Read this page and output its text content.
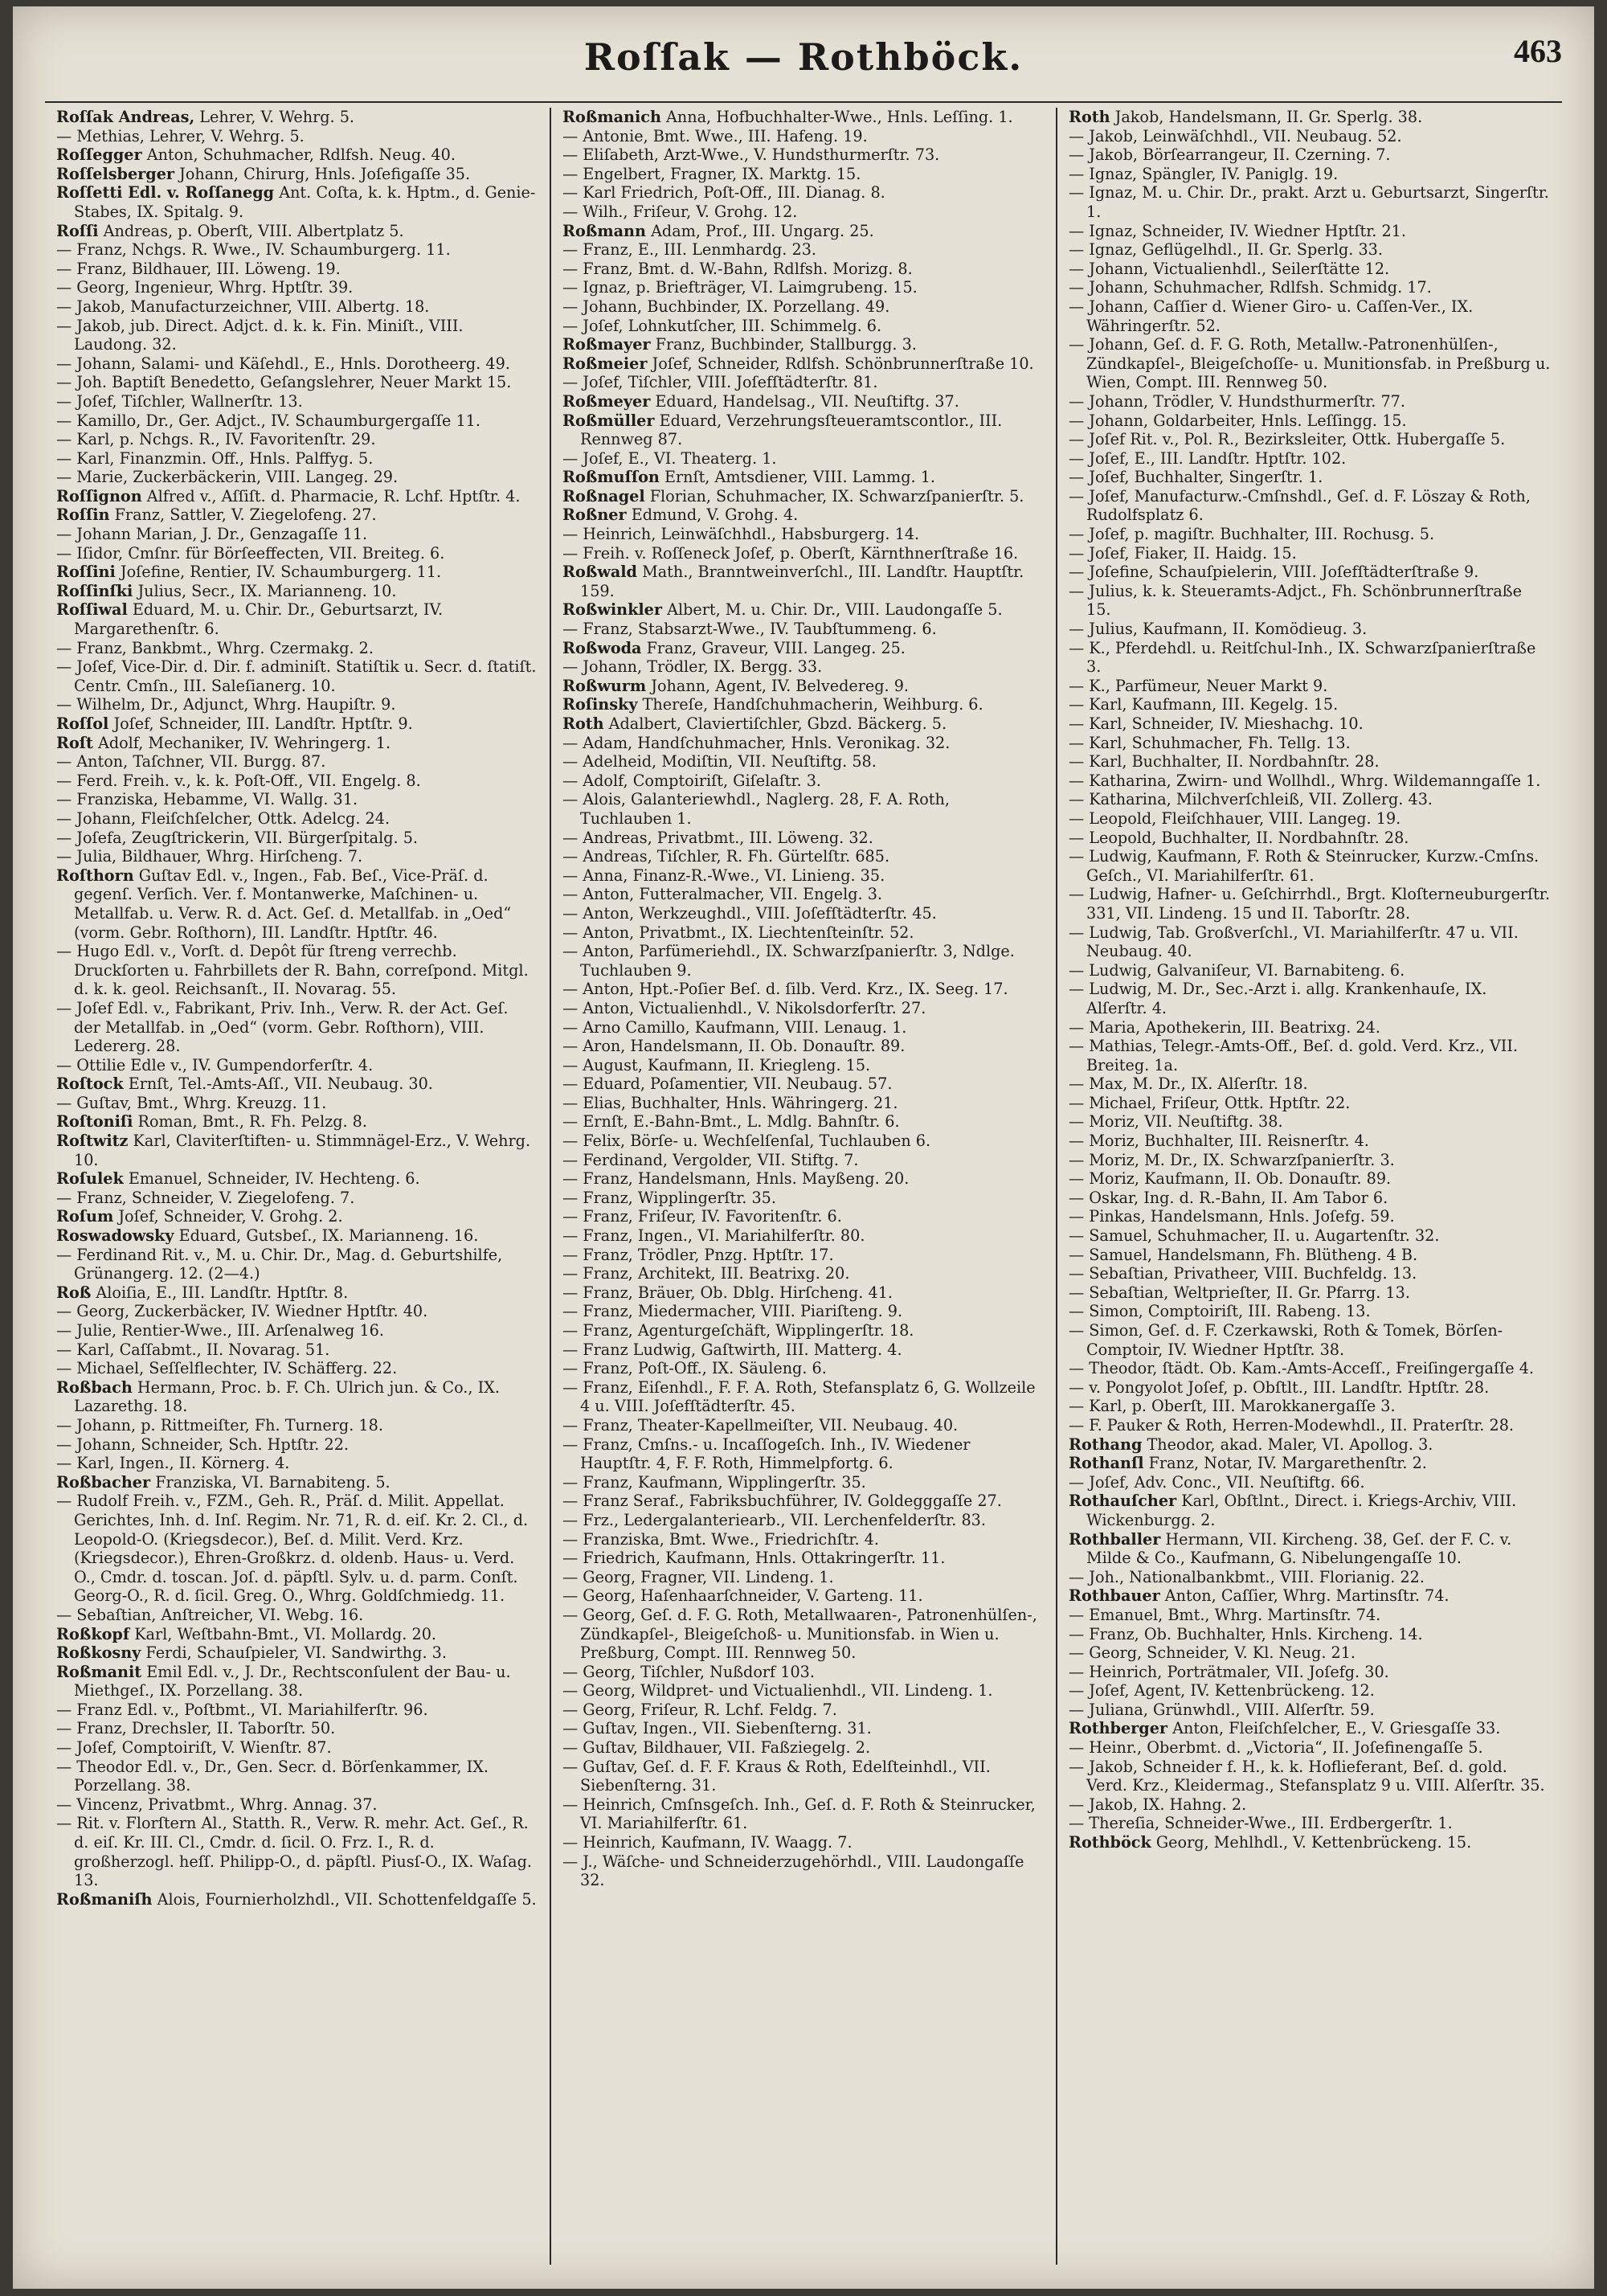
Roſſak — Rothböck.	463

Roſſak Andreas, Lehrer, V. Wehrg. 5.

— Methias, Lehrer, V. Wehrg. 5.

Roſſegger Anton, Schuhmacher, Rdlfsh. Neug. 40.

Roſſelsberger Johann, Chirurg, Hnls. Joſefigaſſe 35.

Roſſetti Edl. v. Roſſanegg Ant. Coſta, k. k. Hptm., d. Genie-Stabes, IX. Spitalg. 9.

Roſſi Andreas, p. Oberſt, VIII. Albertplatz 5.

— Franz, Nchgs. R. Wwe., IV. Schaumburgerg. 11.

— Franz, Bildhauer, III. Löweng. 19.

— Georg, Ingenieur, Whrg. Hptſtr. 39.

— Jakob, Manufacturzeichner, VIII. Albertg. 18.

— Jakob, jub. Direct. Adjct. d. k. k. Fin. Miniſt., VIII. Laudong. 32.

— Johann, Salami- und Käſehdl., E., Hnls. Dorotheerg. 49.

— Joh. Baptiſt Benedetto, Geſangslehrer, Neuer Markt 15.

— Joſef, Tiſchler, Wallnerſtr. 13.

— Kamillo, Dr., Ger. Adjct., IV. Schaumburgergaſſe 11.

— Karl, p. Nchgs. R., IV. Favoritenſtr. 29.

— Karl, Finanzmin. Off., Hnls. Palffyg. 5.

— Marie, Zuckerbäckerin, VIII. Langeg. 29.

Roſſignon Alfred v., Aſſiſt. d. Pharmacie, R. Lchf. Hptſtr. 4.

Roſſin Franz, Sattler, V. Ziegelofeng. 27.

— Johann Marian, J. Dr., Genzagaſſe 11.

— Iſidor, Cmſnr. für Börſeeffecten, VII. Breiteg. 6.

Roſſini Joſefine, Rentier, IV. Schaumburgerg. 11.

Roſſinſki Julius, Secr., IX. Marianneng. 10.

Roſſiwal Eduard, M. u. Chir. Dr., Geburtsarzt, IV. Margarethenſtr. 6.

— Franz, Bankbmt., Whrg. Czermakg. 2.

— Joſef, Vice-Dir. d. Dir. f. adminiſt. Statiſtik u. Secr. d. ſtatiſt. Centr. Cmſn., III. Saleſianerg. 10.

— Wilhelm, Dr., Adjunct, Whrg. Haupiſtr. 9.

Roſſol Joſef, Schneider, III. Landſtr. Hptſtr. 9.

Roſt Adolf, Mechaniker, IV. Wehringerg. 1.

— Anton, Taſchner, VII. Burgg. 87.

— Ferd. Freih. v., k. k. Poſt-Off., VII. Engelg. 8.

— Franziska, Hebamme, VI. Wallg. 31.

— Johann, Fleiſchſelcher, Ottk. Adelcg. 24.

— Joſefa, Zeugſtrickerin, VII. Bürgerſpitalg. 5.

— Julia, Bildhauer, Whrg. Hirſcheng. 7.

Roſthorn Guſtav Edl. v., Ingen., Fab. Beſ., Vice-Präſ. d. gegenſ. Verſich. Ver. f. Montanwerke, Maſchinen- u. Metallfab. u. Verw. R. d. Act. Geſ. d. Metallfab. in „Oed“ (vorm. Gebr. Roſthorn), III. Landſtr. Hptſtr. 46.

— Hugo Edl. v., Vorſt. d. Depôt für ſtreng verrechb. Druckſorten u. Fahrbillets der R. Bahn, correſpond. Mitgl. d. k. k. geol. Reichsanſt., II. Novarag. 55.

— Joſef Edl. v., Fabrikant, Priv. Inh., Verw. R. der Act. Geſ. der Metallfab. in „Oed“ (vorm. Gebr. Roſthorn), VIII. Ledererg. 28.

— Ottilie Edle v., IV. Gumpendorferſtr. 4.

Roſtock Ernſt, Tel.-Amts-Aſſ., VII. Neubaug. 30.

— Guſtav, Bmt., Whrg. Kreuzg. 11.

Roſtoniſi Roman, Bmt., R. Fh. Pelzg. 8.

Roſtwitz Karl, Claviterſtiften- u. Stimmnägel-Erz., V. Wehrg. 10.

Roſulek Emanuel, Schneider, IV. Hechteng. 6.

— Franz, Schneider, V. Ziegelofeng. 7.

Roſum Joſef, Schneider, V. Grohg. 2.

Roswadowsky Eduard, Gutsbeſ., IX. Marianneng. 16.

— Ferdinand Rit. v., M. u. Chir. Dr., Mag. d. Geburtshilfe, Grünangerg. 12. (2—4.)

Roß Aloiſia, E., III. Landſtr. Hptſtr. 8.

— Georg, Zuckerbäcker, IV. Wiedner Hptſtr. 40.

— Julie, Rentier-Wwe., III. Arſenalweg 16.

— Karl, Caſſabmt., II. Novarag. 51.

— Michael, Seſſelflechter, IV. Schäfferg. 22.

Roßbach Hermann, Proc. b. F. Ch. Ulrich jun. & Co., IX. Lazarethg. 18.

— Johann, p. Rittmeiſter, Fh. Turnerg. 18.

— Johann, Schneider, Sch. Hptſtr. 22.

— Karl, Ingen., II. Körnerg. 4.

Roßbacher Franziska, VI. Barnabiteng. 5.

— Rudolf Freih. v., FZM., Geh. R., Präſ. d. Milit. Appellat. Gerichtes, Inh. d. Inſ. Regim. Nr. 71, R. d. eiſ. Kr. 2. Cl., d. Leopold-O. (Kriegsdecor.), Beſ. d. Milit. Verd. Krz. (Kriegsdecor.), Ehren-Großkrz. d. oldenb. Haus- u. Verd. O., Cmdr. d. toscan. Joſ. d. päpſtl. Sylv. u. d. parm. Conſt. Georg-O., R. d. ſicil. Greg. O., Whrg. Goldſchmiedg. 11.

— Sebaſtian, Anſtreicher, VI. Webg. 16.

Roßkopf Karl, Weſtbahn-Bmt., VI. Mollardg. 20.

Roßkosny Ferdi, Schauſpieler, VI. Sandwirthg. 3.

Roßmanit Emil Edl. v., J. Dr., Rechtsconſulent der Bau- u. Miethgeſ., IX. Porzellang. 38.

— Franz Edl. v., Poſtbmt., VI. Mariahilferſtr. 96.

— Franz, Drechsler, II. Taborſtr. 50.

— Joſef, Comptoiriſt, V. Wienſtr. 87.

— Theodor Edl. v., Dr., Gen. Secr. d. Börſenkammer, IX. Porzellang. 38.

— Vincenz, Privatbmt., Whrg. Annag. 37.

— Rit. v. Florſtern Al., Statth. R., Verw. R. mehr. Act. Geſ., R. d. eiſ. Kr. III. Cl., Cmdr. d. ſicil. O. Frz. I., R. d. großherzogl. heſſ. Philipp-O., d. päpſtl. Piusſ-O., IX. Waſag. 13.

Roßmaniſh Alois, Fournierholzhdl., VII. Schottenfeldgaſſe 5.

Roßmanich Anna, Hofbuchhalter-Wwe., Hnls. Leſſing. 1.

— Antonie, Bmt. Wwe., III. Hafeng. 19.

— Eliſabeth, Arzt-Wwe., V. Hundsthurmerſtr. 73.

— Engelbert, Fragner, IX. Marktg. 15.

— Karl Friedrich, Poſt-Off., III. Dianag. 8.

— Wilh., Friſeur, V. Grohg. 12.

Roßmann Adam, Prof., III. Ungarg. 25.

— Franz, E., III. Lenmhardg. 23.

— Franz, Bmt. d. W.-Bahn, Rdlfsh. Morizg. 8.

— Ignaz, p. Briefträger, VI. Laimgrubeng. 15.

— Johann, Buchbinder, IX. Porzellang. 49.

— Joſef, Lohnkutſcher, III. Schimmelg. 6.

Roßmayer Franz, Buchbinder, Stallburgg. 3.

Roßmeier Joſef, Schneider, Rdlfsh. Schönbrunnerſtraße 10.

— Joſef, Tiſchler, VIII. Joſefſtädterſtr. 81.

Roßmeyer Eduard, Handelsag., VII. Neuſtiftg. 37.

Roßmüller Eduard, Verzehrungsſteueramtscontlor., III. Rennweg 87.

— Joſef, E., VI. Theaterg. 1.

Roßmuſſon Ernſt, Amtsdiener, VIII. Lammg. 1.

Roßnagel Florian, Schuhmacher, IX. Schwarzſpanierſtr. 5.

Roßner Edmund, V. Grohg. 4.

— Heinrich, Leinwäſchhdl., Habsburgerg. 14.

— Freih. v. Roſſeneck Joſef, p. Oberſt, Kärnthnerſtraße 16.

Roßwald Math., Branntweinverſchl., III. Landſtr. Hauptſtr. 159.

Roßwinkler Albert, M. u. Chir. Dr., VIII. Laudongaſſe 5.

— Franz, Stabsarzt-Wwe., IV. Taubſtummeng. 6.

Roßwoda Franz, Graveur, VIII. Langeg. 25.

— Johann, Trödler, IX. Bergg. 33.

Roßwurm Johann, Agent, IV. Belvedereg. 9.

Roſinsky Thereſe, Handſchuhmacherin, Weihburg. 6.

Roth Adalbert, Claviertiſchler, Gbzd. Bäckerg. 5.

— Adam, Handſchuhmacher, Hnls. Veronikag. 32.

— Adelheid, Modiſtin, VII. Neuſtiftg. 58.

— Adolf, Comptoiriſt, Giſelaſtr. 3.

— Alois, Galanteriewhdl., Naglerg. 28, F. A. Roth, Tuchlauben 1.

— Andreas, Privatbmt., III. Löweng. 32.

— Andreas, Tiſchler, R. Fh. Gürtelſtr. 685.

— Anna, Finanz-R.-Wwe., VI. Linieng. 35.

— Anton, Futteralmacher, VII. Engelg. 3.

— Anton, Werkzeughdl., VIII. Joſefſtädterſtr. 45.

— Anton, Privatbmt., IX. Liechtenſteinſtr. 52.

— Anton, Parfümeriehdl., IX. Schwarzſpanierſtr. 3, Ndlge. Tuchlauben 9.

— Anton, Hpt.-Poſier Beſ. d. ſilb. Verd. Krz., IX. Seeg. 17.

— Anton, Victualienhdl., V. Nikolsdorferſtr. 27.

— Arno Camillo, Kaufmann, VIII. Lenaug. 1.

— Aron, Handelsmann, II. Ob. Donauſtr. 89.

— August, Kaufmann, II. Kriegleng. 15.

— Eduard, Poſamentier, VII. Neubaug. 57.

— Elias, Buchhalter, Hnls. Währingerg. 21.

— Ernſt, E.-Bahn-Bmt., L. Mdlg. Bahnſtr. 6.

— Felix, Börſe- u. Wechſelſenſal, Tuchlauben 6.

— Ferdinand, Vergolder, VII. Stiftg. 7.

— Franz, Handelsmann, Hnls. Mayßeng. 20.

— Franz, Wipplingerſtr. 35.

— Franz, Friſeur, IV. Favoritenſtr. 6.

— Franz, Ingen., VI. Mariahilferſtr. 80.

— Franz, Trödler, Pnzg. Hptſtr. 17.

— Franz, Architekt, III. Beatrixg. 20.

— Franz, Bräuer, Ob. Dblg. Hirſcheng. 41.

— Franz, Miedermacher, VIII. Piariſteng. 9.

— Franz, Agenturgeſchäft, Wipplingerſtr. 18.

— Franz Ludwig, Gaſtwirth, III. Matterg. 4.

— Franz, Poſt-Off., IX. Säuleng. 6.

— Franz, Eiſenhdl., F. F. A. Roth, Stefansplatz 6, G. Wollzeile 4 u. VIII. Joſefſtädterſtr. 45.

— Franz, Theater-Kapellmeiſter, VII. Neubaug. 40.

— Franz, Cmſns.- u. Incaſſogeſch. Inh., IV. Wiedener Hauptſtr. 4, F. F. Roth, Himmelpfortg. 6.

— Franz, Kaufmann, Wipplingerſtr. 35.

— Franz Seraf., Fabriksbuchführer, IV. Goldegggaſſe 27.

— Frz., Ledergalanteriearb., VII. Lerchenfelderſtr. 83.

— Franziska, Bmt. Wwe., Friedrichſtr. 4.

— Friedrich, Kaufmann, Hnls. Ottakringerſtr. 11.

— Georg, Fragner, VII. Lindeng. 1.

— Georg, Haſenhaarſchneider, V. Garteng. 11.

— Georg, Geſ. d. F. G. Roth, Metallwaaren-, Patronenhülſen-, Zündkapſel-, Bleigeſchoß- u. Munitionsfab. in Wien u. Preßburg, Compt. III. Rennweg 50.

— Georg, Tiſchler, Nußdorf 103.

— Georg, Wildpret- und Victualienhdl., VII. Lindeng. 1.

— Georg, Friſeur, R. Lchf. Feldg. 7.

— Guſtav, Ingen., VII. Siebenſterng. 31.

— Guſtav, Bildhauer, VII. Faßziegelg. 2.

— Guſtav, Geſ. d. F. F. Kraus & Roth, Edelſteinhdl., VII. Siebenſterng. 31.

— Heinrich, Cmſnsgeſch. Inh., Geſ. d. F. Roth & Steinrucker, VI. Mariahilferſtr. 61.

— Heinrich, Kaufmann, IV. Waagg. 7.

— J., Wäſche- und Schneiderzugehörhdl., VIII. Laudongaſſe 32.

Roth Jakob, Handelsmann, II. Gr. Sperlg. 38.

— Jakob, Leinwäſchhdl., VII. Neubaug. 52.

— Jakob, Börſearrangeur, II. Czerning. 7.

— Ignaz, Spängler, IV. Paniglg. 19.

— Ignaz, M. u. Chir. Dr., prakt. Arzt u. Geburtsarzt, Singerſtr. 1.

— Ignaz, Schneider, IV. Wiedner Hptſtr. 21.

— Ignaz, Geflügelhdl., II. Gr. Sperlg. 33.

— Johann, Victualienhdl., Seilerſtätte 12.

— Johann, Schuhmacher, Rdlfsh. Schmidg. 17.

— Johann, Caſſier d. Wiener Giro- u. Caſſen-Ver., IX. Währingerſtr. 52.

— Johann, Geſ. d. F. G. Roth, Metallw.-Patronenhülſen-, Zündkapſel-, Bleigeſchoſſe- u. Munitionsfab. in Preßburg u. Wien, Compt. III. Rennweg 50.

— Johann, Trödler, V. Hundsthurmerſtr. 77.

— Johann, Goldarbeiter, Hnls. Leſſingg. 15.

— Joſef Rit. v., Pol. R., Bezirksleiter, Ottk. Hubergaſſe 5.

— Joſef, E., III. Landſtr. Hptſtr. 102.

— Joſef, Buchhalter, Singerſtr. 1.

— Joſef, Manufacturw.-Cmſnshdl., Geſ. d. F. Löszay & Roth, Rudolfsplatz 6.

— Joſef, p. magiſtr. Buchhalter, III. Rochusg. 5.

— Joſef, Fiaker, II. Haidg. 15.

— Joſefine, Schauſpielerin, VIII. Joſefſtädterſtraße 9.

— Julius, k. k. Steueramts-Adjct., Fh. Schönbrunnerſtraße 15.

— Julius, Kaufmann, II. Komödieug. 3.

— K., Pferdehdl. u. Reitſchul-Inh., IX. Schwarzſpanierſtraße 3.

— K., Parfümeur, Neuer Markt 9.

— Karl, Kaufmann, III. Kegelg. 15.

— Karl, Schneider, IV. Mieshachg. 10.

— Karl, Schuhmacher, Fh. Tellg. 13.

— Karl, Buchhalter, II. Nordbahnſtr. 28.

— Katharina, Zwirn- und Wollhdl., Whrg. Wildemanngaſſe 1.

— Katharina, Milchverſchleiß, VII. Zollerg. 43.

— Leopold, Fleiſchhauer, VIII. Langeg. 19.

— Leopold, Buchhalter, II. Nordbahnſtr. 28.

— Ludwig, Kaufmann, F. Roth & Steinrucker, Kurzw.-Cmſns. Geſch., VI. Mariahilferſtr. 61.

— Ludwig, Hafner- u. Geſchirrhdl., Brgt. Kloſterneuburgerſtr. 331, VII. Lindeng. 15 und II. Taborſtr. 28.

— Ludwig, Tab. Großverſchl., VI. Mariahilferſtr. 47 u. VII. Neubaug. 40.

— Ludwig, Galvaniſeur, VI. Barnabiteng. 6.

— Ludwig, M. Dr., Sec.-Arzt i. allg. Krankenhauſe, IX. Alſerſtr. 4.

— Maria, Apothekerin, III. Beatrixg. 24.

— Mathias, Telegr.-Amts-Off., Beſ. d. gold. Verd. Krz., VII. Breiteg. 1a.

— Max, M. Dr., IX. Alſerſtr. 18.

— Michael, Friſeur, Ottk. Hptſtr. 22.

— Moriz, VII. Neuſtiftg. 38.

— Moriz, Buchhalter, III. Reisnerſtr. 4.

— Moriz, M. Dr., IX. Schwarzſpanierſtr. 3.

— Moriz, Kaufmann, II. Ob. Donauſtr. 89.

— Oskar, Ing. d. R.-Bahn, II. Am Tabor 6.

— Pinkas, Handelsmann, Hnls. Joſefg. 59.

— Samuel, Schuhmacher, II. u. Augartenſtr. 32.

— Samuel, Handelsmann, Fh. Blütheng. 4 B.

— Sebaſtian, Privatheer, VIII. Buchfeldg. 13.

— Sebaſtian, Weltprieſter, II. Gr. Pfarrg. 13.

— Simon, Comptoiriſt, III. Rabeng. 13.

— Simon, Geſ. d. F. Czerkawski, Roth & Tomek, Börſen-Comptoir, IV. Wiedner Hptſtr. 38.

— Theodor, ſtädt. Ob. Kam.-Amts-Acceſſ., Freiſingergaſſe 4.

— v. Pongyolot Joſef, p. Obſtlt., III. Landſtr. Hptſtr. 28.

— Karl, p. Oberſt, III. Marokkanergaſſe 3.

— F. Pauker & Roth, Herren-Modewhdl., II. Praterſtr. 28.

Rothang Theodor, akad. Maler, VI. Apollog. 3.

Rothanſl Franz, Notar, IV. Margarethenſtr. 2.

— Joſef, Adv. Conc., VII. Neuſtiftg. 66.

Rothauſcher Karl, Obſtlnt., Direct. i. Kriegs-Archiv, VIII. Wickenburgg. 2.

Rothballer Hermann, VII. Kircheng. 38, Geſ. der F. C. v. Milde & Co., Kaufmann, G. Nibelungengaſſe 10.

— Joh., Nationalbankbmt., VIII. Florianig. 22.

Rothbauer Anton, Caſſier, Whrg. Martinsſtr. 74.

— Emanuel, Bmt., Whrg. Martinsſtr. 74.

— Franz, Ob. Buchhalter, Hnls. Kircheng. 14.

— Georg, Schneider, V. Kl. Neug. 21.

— Heinrich, Porträtmaler, VII. Joſefg. 30.

— Joſef, Agent, IV. Kettenbrückeng. 12.

— Juliana, Grünwhdl., VIII. Alſerſtr. 59.

Rothberger Anton, Fleiſchſelcher, E., V. Griesgaſſe 33.

— Heinr., Oberbmt. d. „Victoria“, II. Joſefinengaſſe 5.

— Jakob, Schneider f. H., k. k. Hoflieferant, Beſ. d. gold. Verd. Krz., Kleidermag., Stefansplatz 9 u. VIII. Alſerſtr. 35.

— Jakob, IX. Hahng. 2.

— Thereſia, Schneider-Wwe., III. Erdbergerſtr. 1.

Rothböck Georg, Mehlhdl., V. Kettenbrückeng. 15.
